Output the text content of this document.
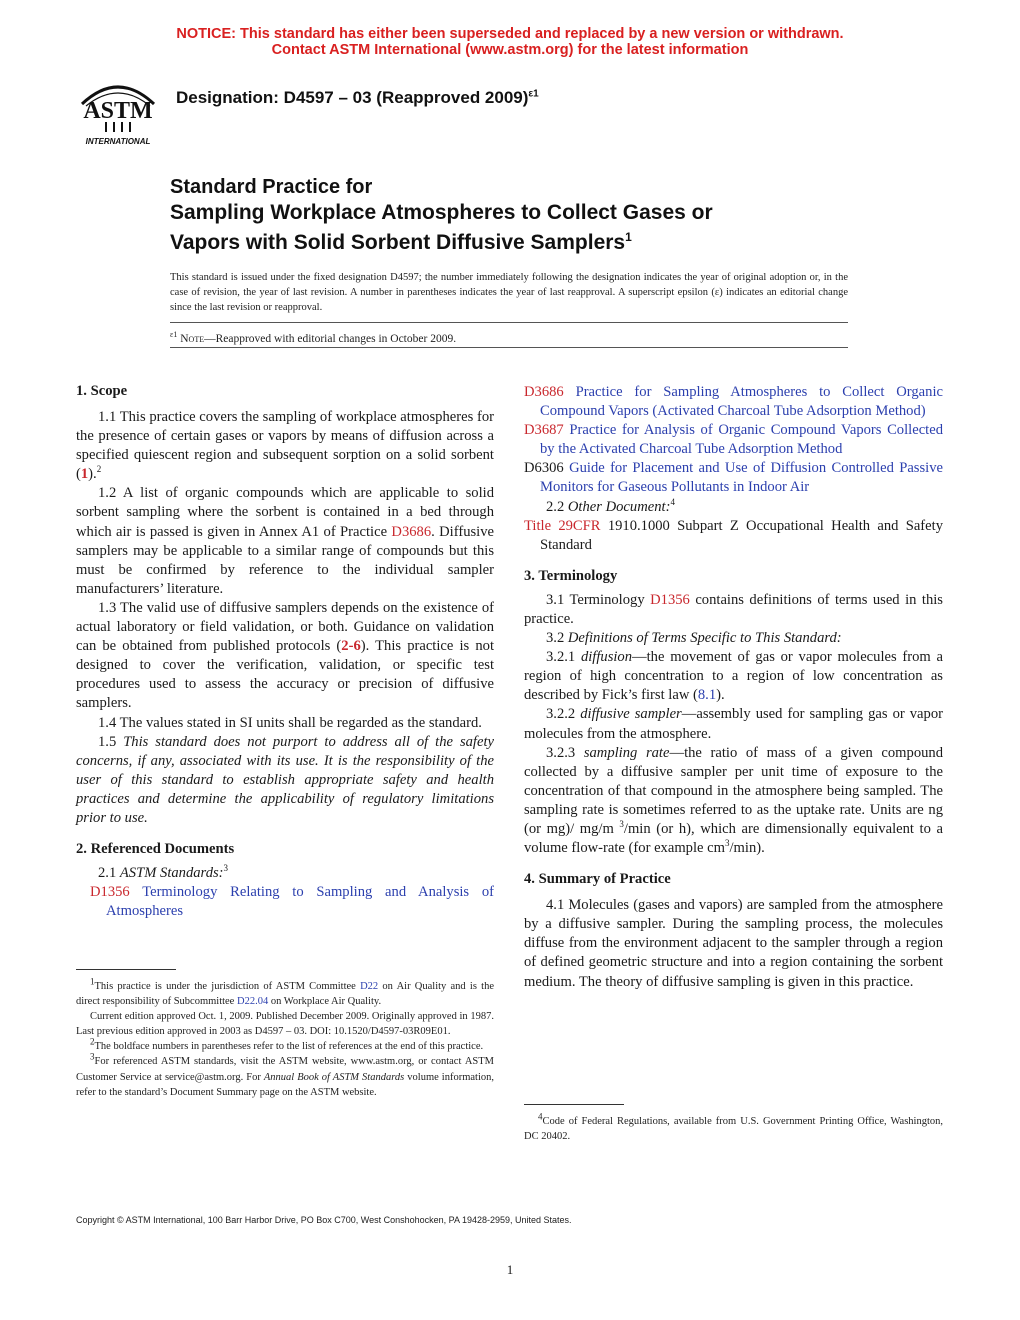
NOTICE: This standard has either been superseded and replaced by a new version or withdrawn.
Contact ASTM International (www.astm.org) for the latest information
ASTM
INTERNATIONAL
Designation: D4597 – 03 (Reapproved 2009)$^{\varepsilon 1}$
Standard Practice for
Sampling Workplace Atmospheres to Collect Gases or
Vapors with Solid Sorbent Diffusive Samplers$^1$
This standard is issued under the fixed designation D4597; the number immediately following the designation indicates the year of original adoption or, in the case of revision, the year of last revision. A number in parentheses indicates the year of last reapproval. A superscript epsilon (ε) indicates an editorial change since the last revision or reapproval.
$^{\varepsilon 1}$ Note—Reapproved with editorial changes in October 2009.
1. Scope

1.1 This practice covers the sampling of workplace atmospheres for the presence of certain gases or vapors by means of diffusion across a specified quiescent region and subsequent sorption on a solid sorbent (1).$^2$

1.2 A list of organic compounds which are applicable to solid sorbent sampling where the sorbent is contained in a bed through which air is passed is given in Annex A1 of Practice D3686. Diffusive samplers may be applicable to a similar range of compounds but this must be confirmed by reference to the individual sampler manufacturers’ literature.

1.3 The valid use of diffusive samplers depends on the existence of actual laboratory or field validation, or both. Guidance on validation can be obtained from published protocols (2-6). This practice is not designed to cover the verification, validation, or specific test procedures used to assess the accuracy or precision of diffusive samplers.

1.4 The values stated in SI units shall be regarded as the standard.

1.5 This standard does not purport to address all of the safety concerns, if any, associated with its use. It is the responsibility of the user of this standard to establish appropriate safety and health practices and determine the applicability of regulatory limitations prior to use.

2. Referenced Documents

2.1 ASTM Standards:$^3$

D1356 Terminology Relating to Sampling and Analysis of Atmospheres

$^1$This practice is under the jurisdiction of ASTM Committee D22 on Air Quality and is the direct responsibility of Subcommittee D22.04 on Workplace Air Quality.

Current edition approved Oct. 1, 2009. Published December 2009. Originally approved in 1987. Last previous edition approved in 2003 as D4597 – 03. DOI: 10.1520/D4597-03R09E01.

$^2$The boldface numbers in parentheses refer to the list of references at the end of this practice.

$^3$For referenced ASTM standards, visit the ASTM website, www.astm.org, or contact ASTM Customer Service at service@astm.org. For Annual Book of ASTM Standards volume information, refer to the standard’s Document Summary page on the ASTM website.

D3686 Practice for Sampling Atmospheres to Collect Organic Compound Vapors (Activated Charcoal Tube Adsorption Method)

D3687 Practice for Analysis of Organic Compound Vapors Collected by the Activated Charcoal Tube Adsorption Method

D6306 Guide for Placement and Use of Diffusion Controlled Passive Monitors for Gaseous Pollutants in Indoor Air

2.2 Other Document:$^4$

Title 29CFR 1910.1000 Subpart Z Occupational Health and Safety Standard

3. Terminology

3.1 Terminology D1356 contains definitions of terms used in this practice.

3.2 Definitions of Terms Specific to This Standard:

3.2.1 diffusion—the movement of gas or vapor molecules from a region of high concentration to a region of low concentration as described by Fick’s first law (8.1).

3.2.2 diffusive sampler—assembly used for sampling gas or vapor molecules from the atmosphere.

3.2.3 sampling rate—the ratio of mass of a given compound collected by a diffusive sampler per unit time of exposure to the concentration of that compound in the atmosphere being sampled. The sampling rate is sometimes referred to as the uptake rate. Units are ng (or mg)/ mg/m $^3$/min (or h), which are dimensionally equivalent to a volume flow-rate (for example $cm^3/\min$).

4. Summary of Practice

4.1 Molecules (gases and vapors) are sampled from the atmosphere by a diffusive sampler. During the sampling process, the molecules diffuse from the environment adjacent to the sampler through a region of defined geometric structure and into a region containing the sorbent medium. The theory of diffusive sampling is given in this practice.

$^4$Code of Federal Regulations, available from U.S. Government Printing Office, Washington, DC 20402.

Copyright © ASTM International, 100 Barr Harbor Drive, PO Box C700, West Conshohocken, PA 19428-2959, United States.
1
